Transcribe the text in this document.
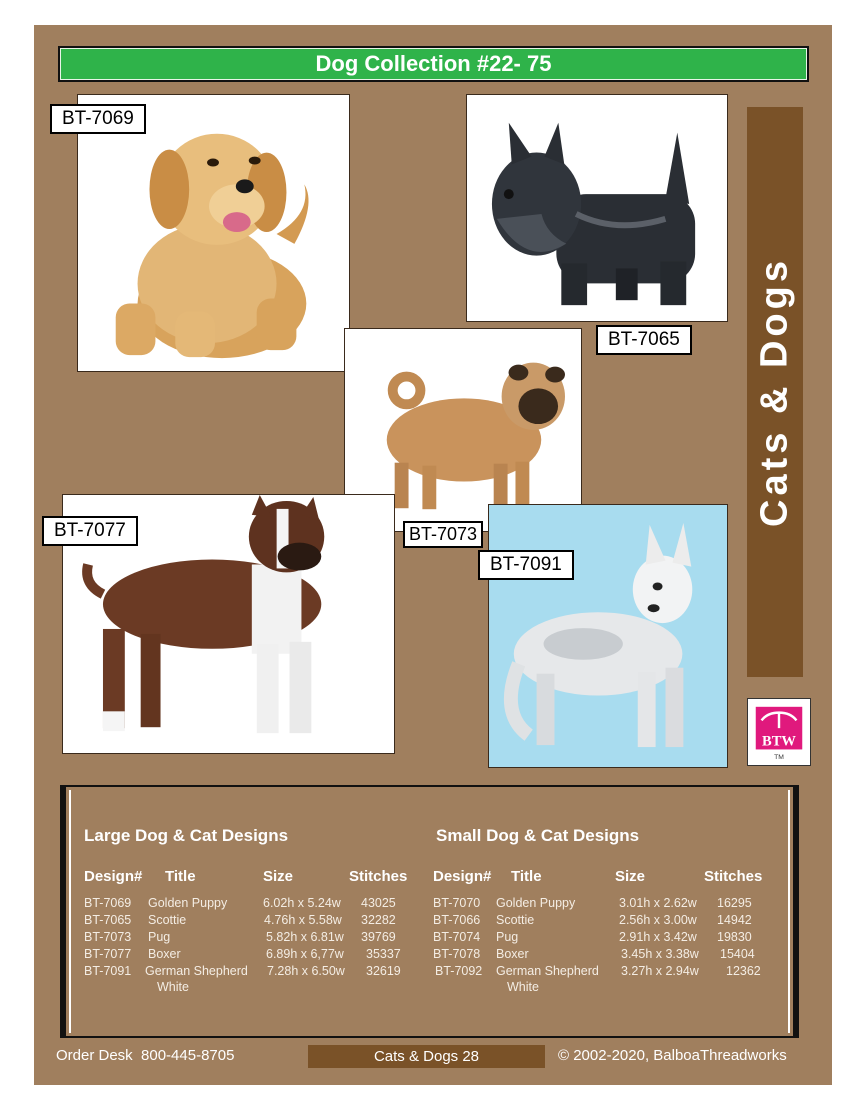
Dog Collection #22- 75
BT-7069
BT-7065
BT-7073
BT-7077
BT-7091
Cats & Dogs
BTW
TM
Large Dog & Cat Designs	Small Dog & Cat Designs
Design# Title	Size	Stitches Design# Title	Size	Stitches
BT-7069 Golden Puppy	6.02h x 5.24w 43025
BT-7065 Scottie	4.76h x 5.58w 32282
BT-7073 Pug	5.82h x 6.81w 39769
BT-7077 Boxer	6.89h x 6,77w 35337
BT-7091 German Shepherd 7.28h x 6.50w 32619
White
BT-7070 Golden Puppy	3.01h x 2.62w 16295
BT-7066 Scottie	2.56h x 3.00w 14942
BT-7074 Pug	2.91h x 3.42w 19830
BT-7078 Boxer	3.45h x 3.38w 15404
BT-7092 German Shepherd 3.27h x 2.94w 12362
White
Order Desk  800-445-8705	Cats & Dogs 28	© 2002-2020, BalboaThreadworks
